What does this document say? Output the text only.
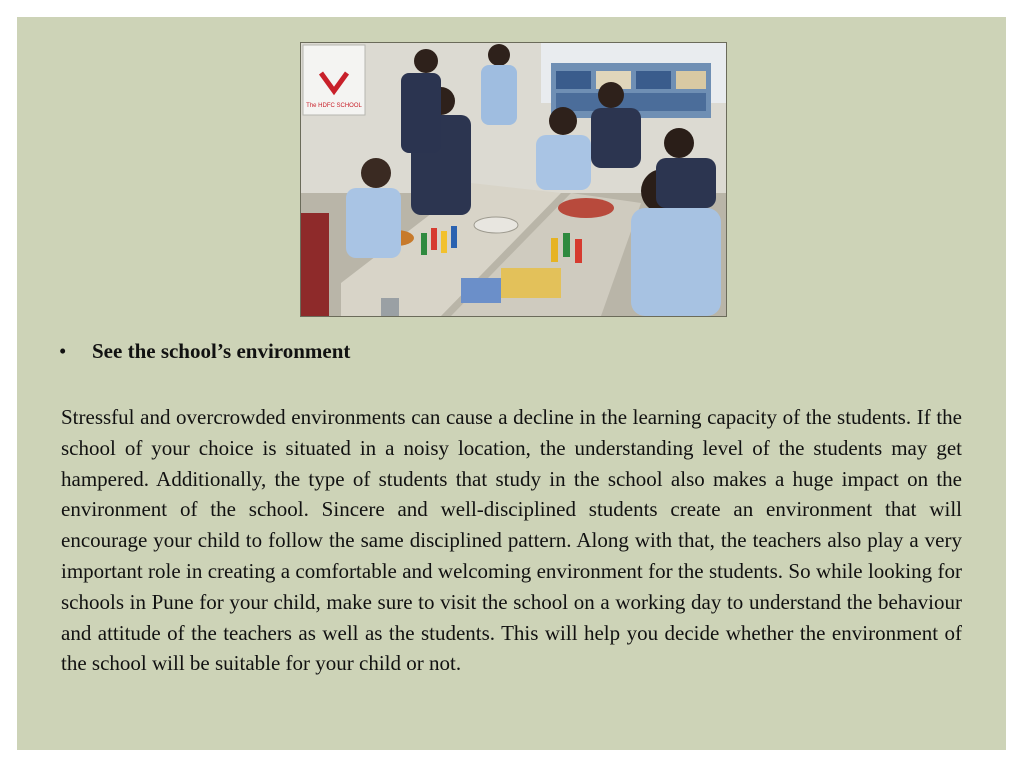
The HDFC SCHOOL
• See the school’s environment

Stressful and overcrowded environments can cause a decline in the learning capacity of the students. If the school of your choice is situated in a noisy location, the understanding level of the students may get hampered. Additionally, the type of students that study in the school also makes a huge impact on the environment of the school. Sincere and well-disciplined students create an environment that will encourage your child to follow the same disciplined pattern. Along with that, the teachers also play a very important role in creating a comfortable and welcoming environment for the students. So while looking for schools in Pune for your child, make sure to visit the school on a working day to understand the behaviour and attitude of the teachers as well as the students. This will help you decide whether the environment of the school will be suitable for your child or not.
